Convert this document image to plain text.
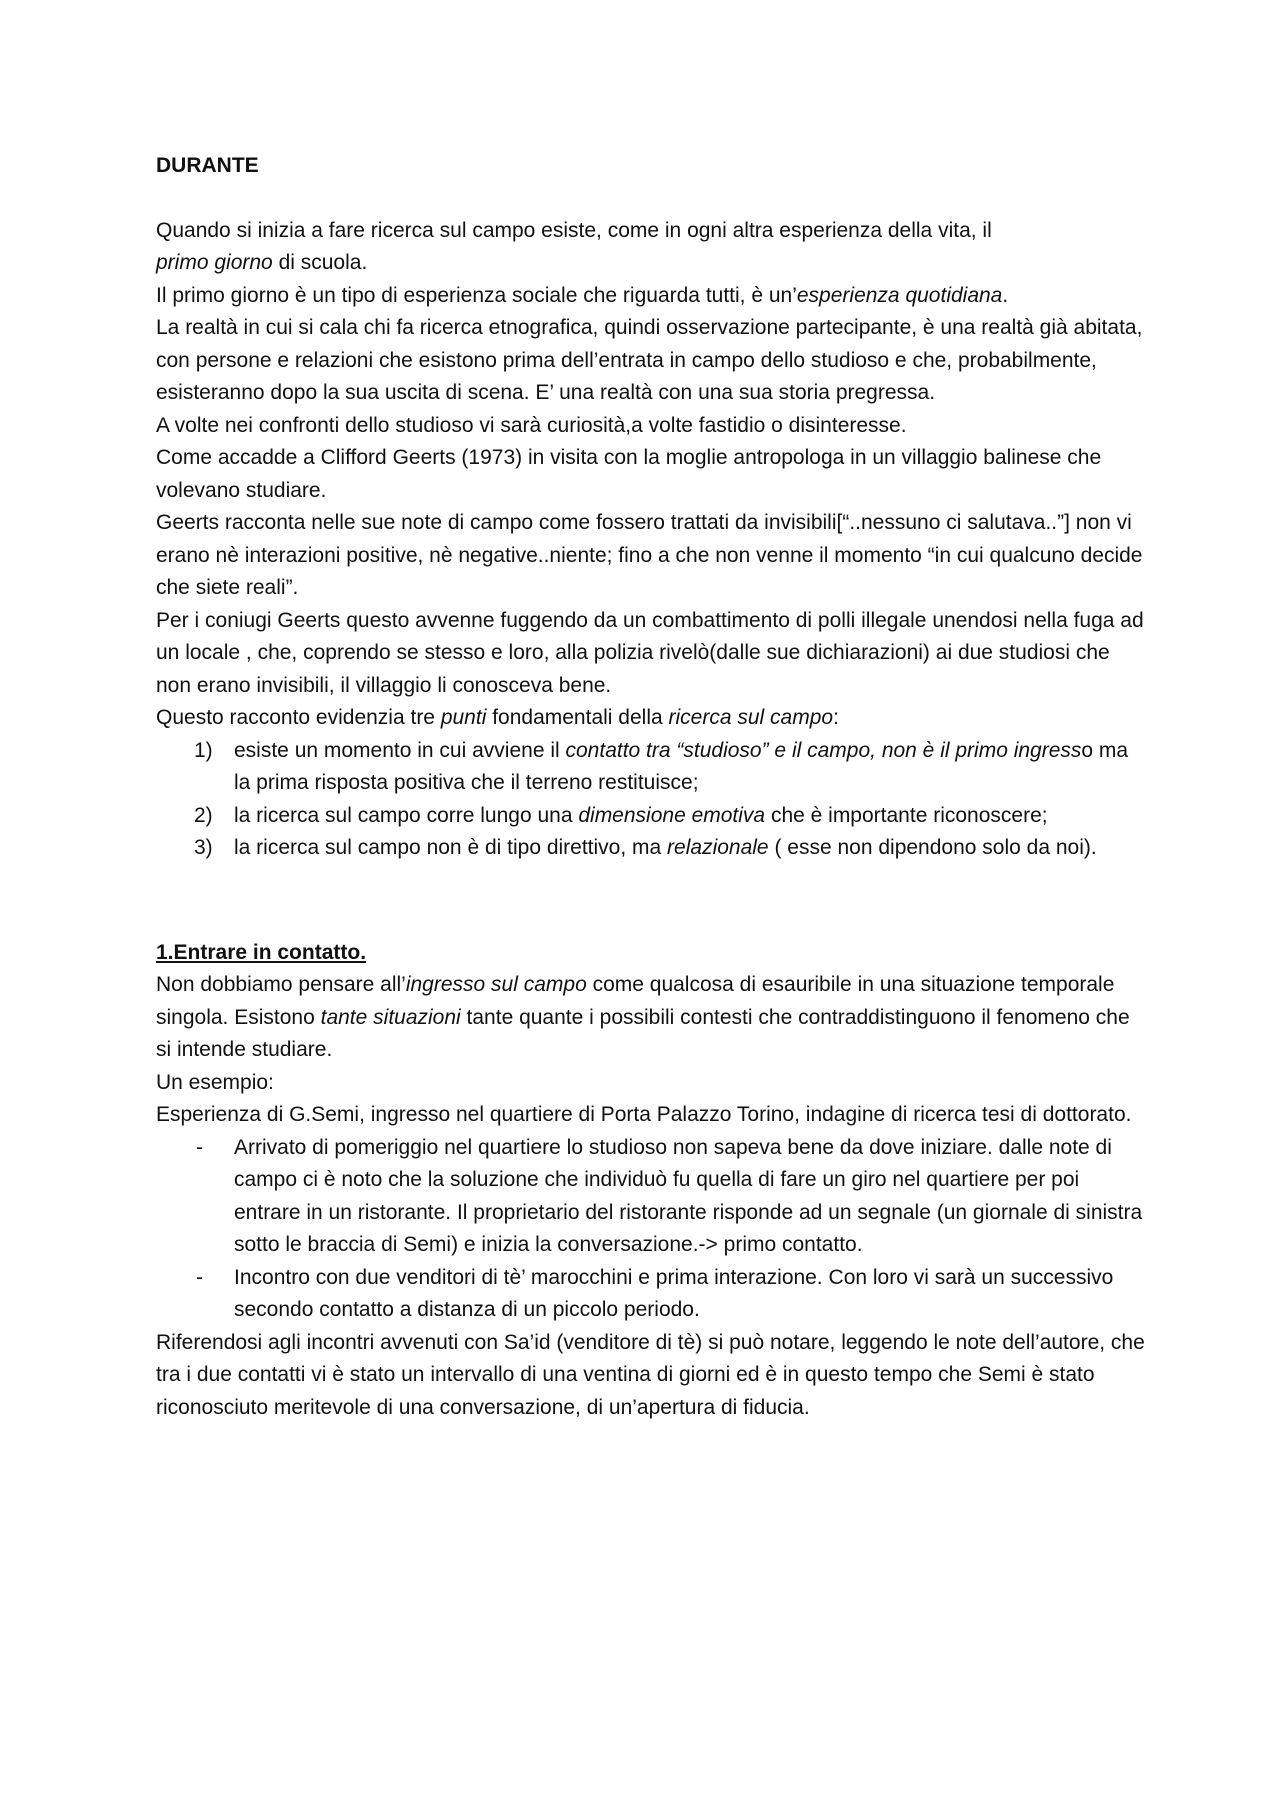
DURANTE

Quando si inizia a fare ricerca sul campo esiste, come in ogni altra esperienza della vita, il

primo giorno di scuola.

Il primo giorno è un tipo di esperienza sociale che riguarda tutti, è un’esperienza quotidiana.

La realtà in cui si cala chi fa ricerca etnografica, quindi osservazione partecipante, è una realtà già abitata, con persone e relazioni che esistono prima dell’entrata in campo dello studioso e che, probabilmente, esisteranno dopo la sua uscita di scena. E’ una realtà con una sua storia pregressa.

A volte nei confronti dello studioso vi sarà curiosità,a volte fastidio o disinteresse.

Come accadde a Clifford Geerts (1973) in visita con la moglie antropologa in un villaggio balinese che volevano studiare.

Geerts racconta nelle sue note di campo come fossero trattati da invisibili[“..nessuno ci salutava..”] non vi erano nè interazioni positive, nè negative..niente; fino a che non venne il momento “in cui qualcuno decide che siete reali”.

Per i coniugi Geerts questo avvenne fuggendo da un combattimento di polli illegale unendosi nella fuga ad un locale , che, coprendo se stesso e loro, alla polizia rivelò(dalle sue dichiarazioni) ai due studiosi che non erano invisibili, il villaggio li conosceva bene.

Questo racconto evidenzia tre punti fondamentali della ricerca sul campo:

1) esiste un momento in cui avviene il contatto tra “studioso” e il campo, non è il primo ingresso ma la prima risposta positiva che il terreno restituisce;
2) la ricerca sul campo corre lungo una dimensione emotiva che è importante riconoscere;
3) la ricerca sul campo non è di tipo direttivo, ma relazionale ( esse non dipendono solo da noi).

1.Entrare in contatto.

Non dobbiamo pensare all’ingresso sul campo come qualcosa di esauribile in una situazione temporale singola. Esistono tante situazioni tante quante i possibili contesti che contraddistinguono il fenomeno che si intende studiare.

Un esempio:

Esperienza di G.Semi, ingresso nel quartiere di Porta Palazzo Torino, indagine di ricerca tesi di dottorato.

- Arrivato di pomeriggio nel quartiere lo studioso non sapeva bene da dove iniziare. dalle note di campo ci è noto che la soluzione che individuò fu quella di fare un giro nel quartiere per poi entrare in un ristorante. Il proprietario del ristorante risponde ad un segnale (un giornale di sinistra sotto le braccia di Semi) e inizia la conversazione.-> primo contatto.
- Incontro con due venditori di tè’ marocchini e prima interazione. Con loro vi sarà un successivo secondo contatto a distanza di un piccolo periodo.

Riferendosi agli incontri avvenuti con Sa’id (venditore di tè) si può notare, leggendo le note dell’autore, che tra i due contatti vi è stato un intervallo di una ventina di giorni ed è in questo tempo che Semi è stato riconosciuto meritevole di una conversazione, di un’apertura di fiducia.
